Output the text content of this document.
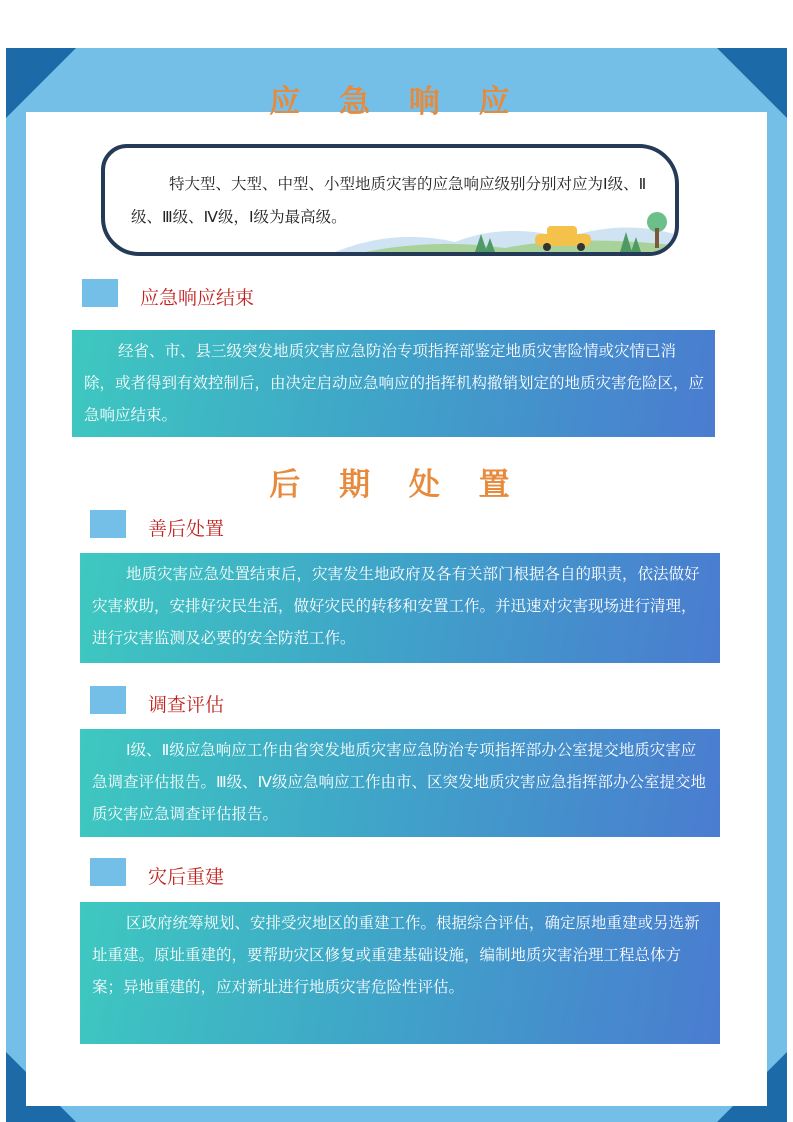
应 急 响 应
特大型、大型、中型、小型地质灾害的应急响应级别分别对应为Ⅰ级、Ⅱ级、Ⅲ级、Ⅳ级，Ⅰ级为最高级。
应急响应结束

经省、市、县三级突发地质灾害应急防治专项指挥部鉴定地质灾害险情或灾情已消除，或者得到有效控制后，由决定启动应急响应的指挥机构撤销划定的地质灾害危险区，应急响应结束。

后 期 处 置
善后处置

地质灾害应急处置结束后，灾害发生地政府及各有关部门根据各自的职责，依法做好灾害救助，安排好灾民生活，做好灾民的转移和安置工作。并迅速对灾害现场进行清理，进行灾害监测及必要的安全防范工作。

调查评估

Ⅰ级、Ⅱ级应急响应工作由省突发地质灾害应急防治专项指挥部办公室提交地质灾害应急调查评估报告。Ⅲ级、Ⅳ级应急响应工作由市、区突发地质灾害应急指挥部办公室提交地质灾害应急调查评估报告。

灾后重建

区政府统筹规划、安排受灾地区的重建工作。根据综合评估，确定原地重建或另选新址重建。原址重建的，要帮助灾区修复或重建基础设施，编制地质灾害治理工程总体方案；异地重建的，应对新址进行地质灾害危险性评估。
